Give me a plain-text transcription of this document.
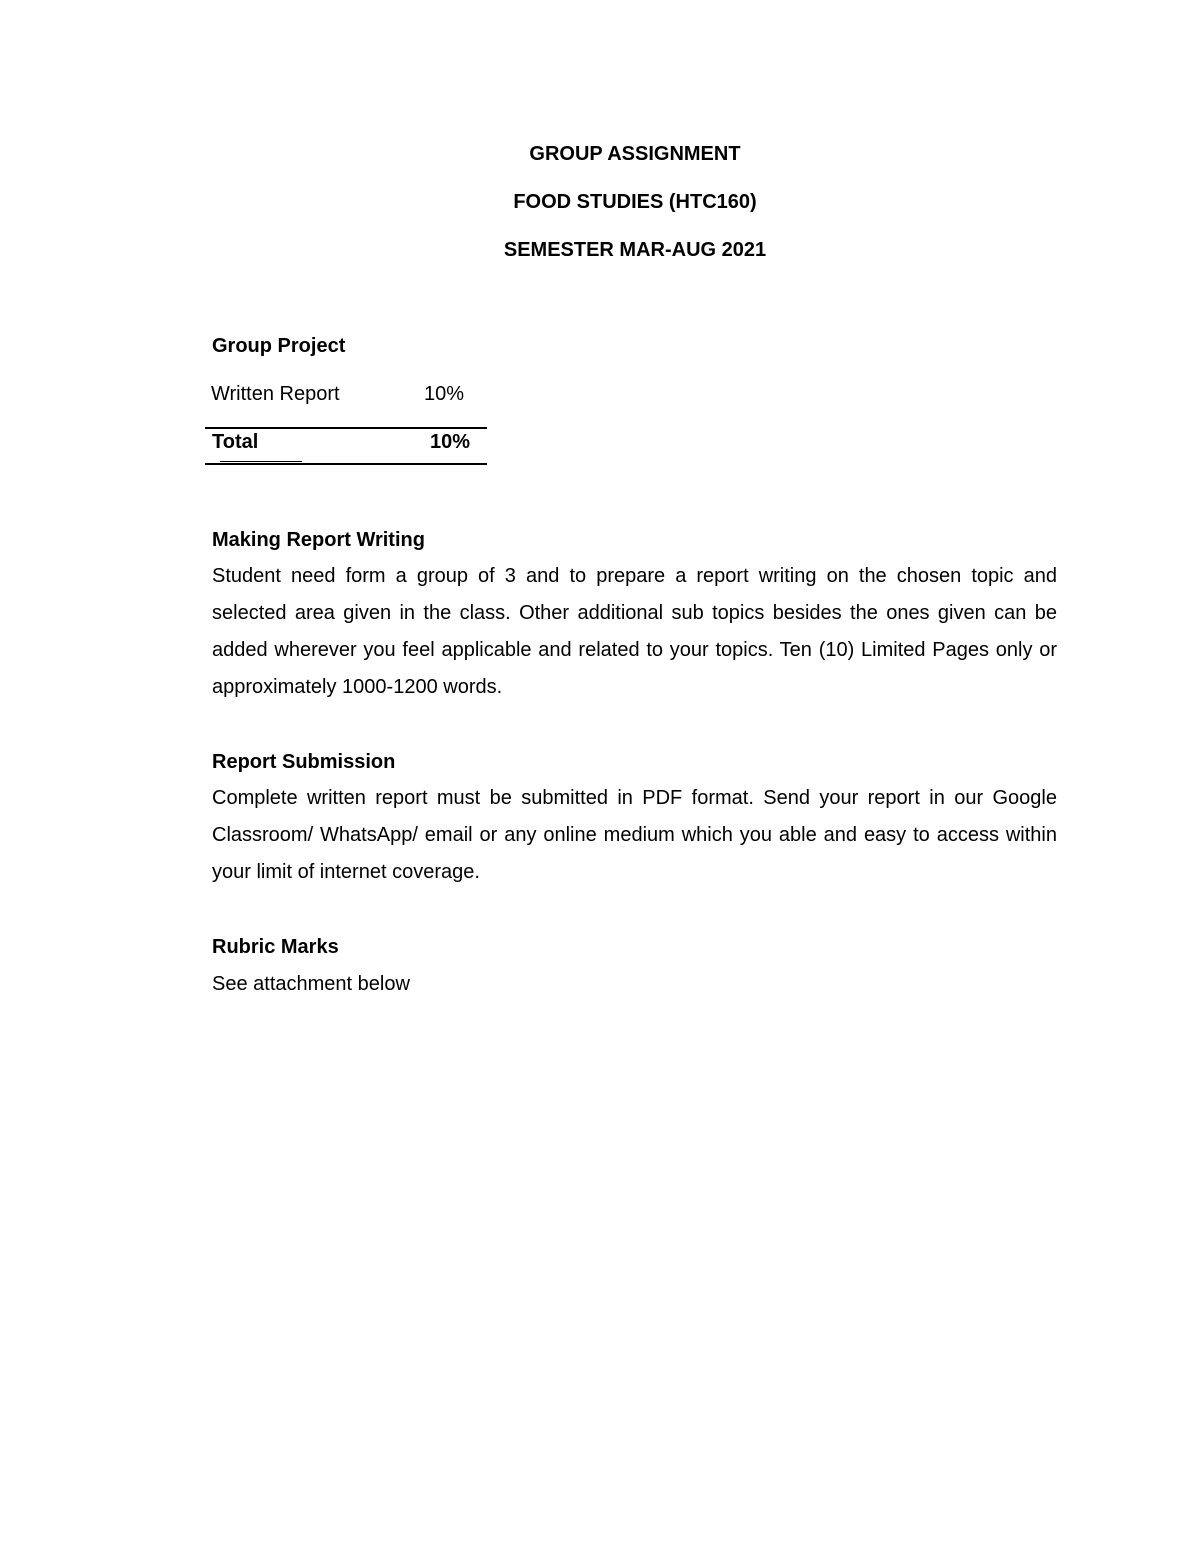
GROUP ASSIGNMENT
FOOD STUDIES (HTC160)
SEMESTER MAR-AUG 2021
Group Project
Written Report	10%
Total	10%
Making Report Writing
Student need form a group of 3 and to prepare a report writing on the chosen topic and selected area given in the class. Other additional sub topics besides the ones given can be added wherever you feel applicable and related to your topics. Ten (10) Limited Pages only or approximately 1000-1200 words.
Report Submission
Complete written report must be submitted in PDF format. Send your report in our Google Classroom/ WhatsApp/ email or any online medium which you able and easy to access within your limit of internet coverage.
Rubric Marks
See attachment below
